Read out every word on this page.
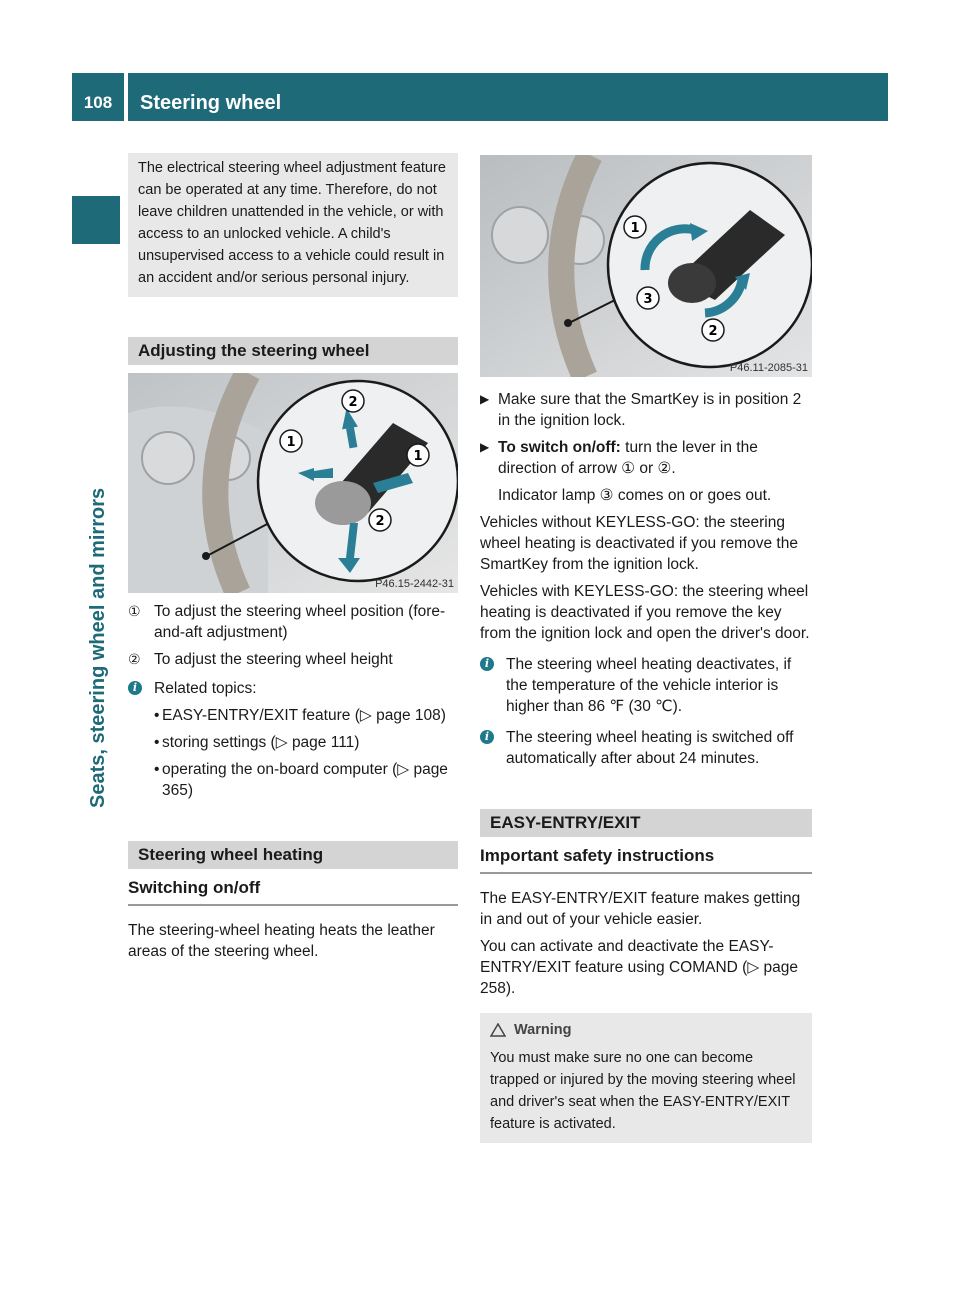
108	Steering wheel
Seats, steering wheel and mirrors

The electrical steering wheel adjustment feature can be operated at any time. Therefore, do not leave children unattended in the vehicle, or with access to an unlocked vehicle. A child's unsupervised access to a vehicle could result in an accident and/or serious personal injury.

Adjusting the steering wheel
2
1
1
2
P46.15-2442-31
① To adjust the steering wheel position (fore-and-aft adjustment)
② To adjust the steering wheel height
i	Related topics:
• EASY-ENTRY/EXIT feature (▷ page 108)
• storing settings (▷ page 111)
• operating the on-board computer (▷ page 365)
Steering wheel heating
Switching on/off

The steering-wheel heating heats the leather areas of the steering wheel.

1
3
2
P46.11-2085-31
▶ Make sure that the SmartKey is in position 2 in the ignition lock.
▶ To switch on/off: turn the lever in the direction of arrow ① or ②.

Indicator lamp ③ comes on or goes out.

Vehicles without KEYLESS-GO: the steering wheel heating is deactivated if you remove the SmartKey from the ignition lock.

Vehicles with KEYLESS-GO: the steering wheel heating is deactivated if you remove the key from the ignition lock and open the driver's door.

i	The steering wheel heating deactivates, if the temperature of the vehicle interior is higher than 86 ℉ (30 ℃).
i	The steering wheel heating is switched off automatically after about 24 minutes.
EASY-ENTRY/EXIT
Important safety instructions

The EASY-ENTRY/EXIT feature makes getting in and out of your vehicle easier.

You can activate and deactivate the EASY-ENTRY/EXIT feature using COMAND (▷ page 258).

Warning

You must make sure no one can become trapped or injured by the moving steering wheel and driver's seat when the EASY-ENTRY/EXIT feature is activated.
